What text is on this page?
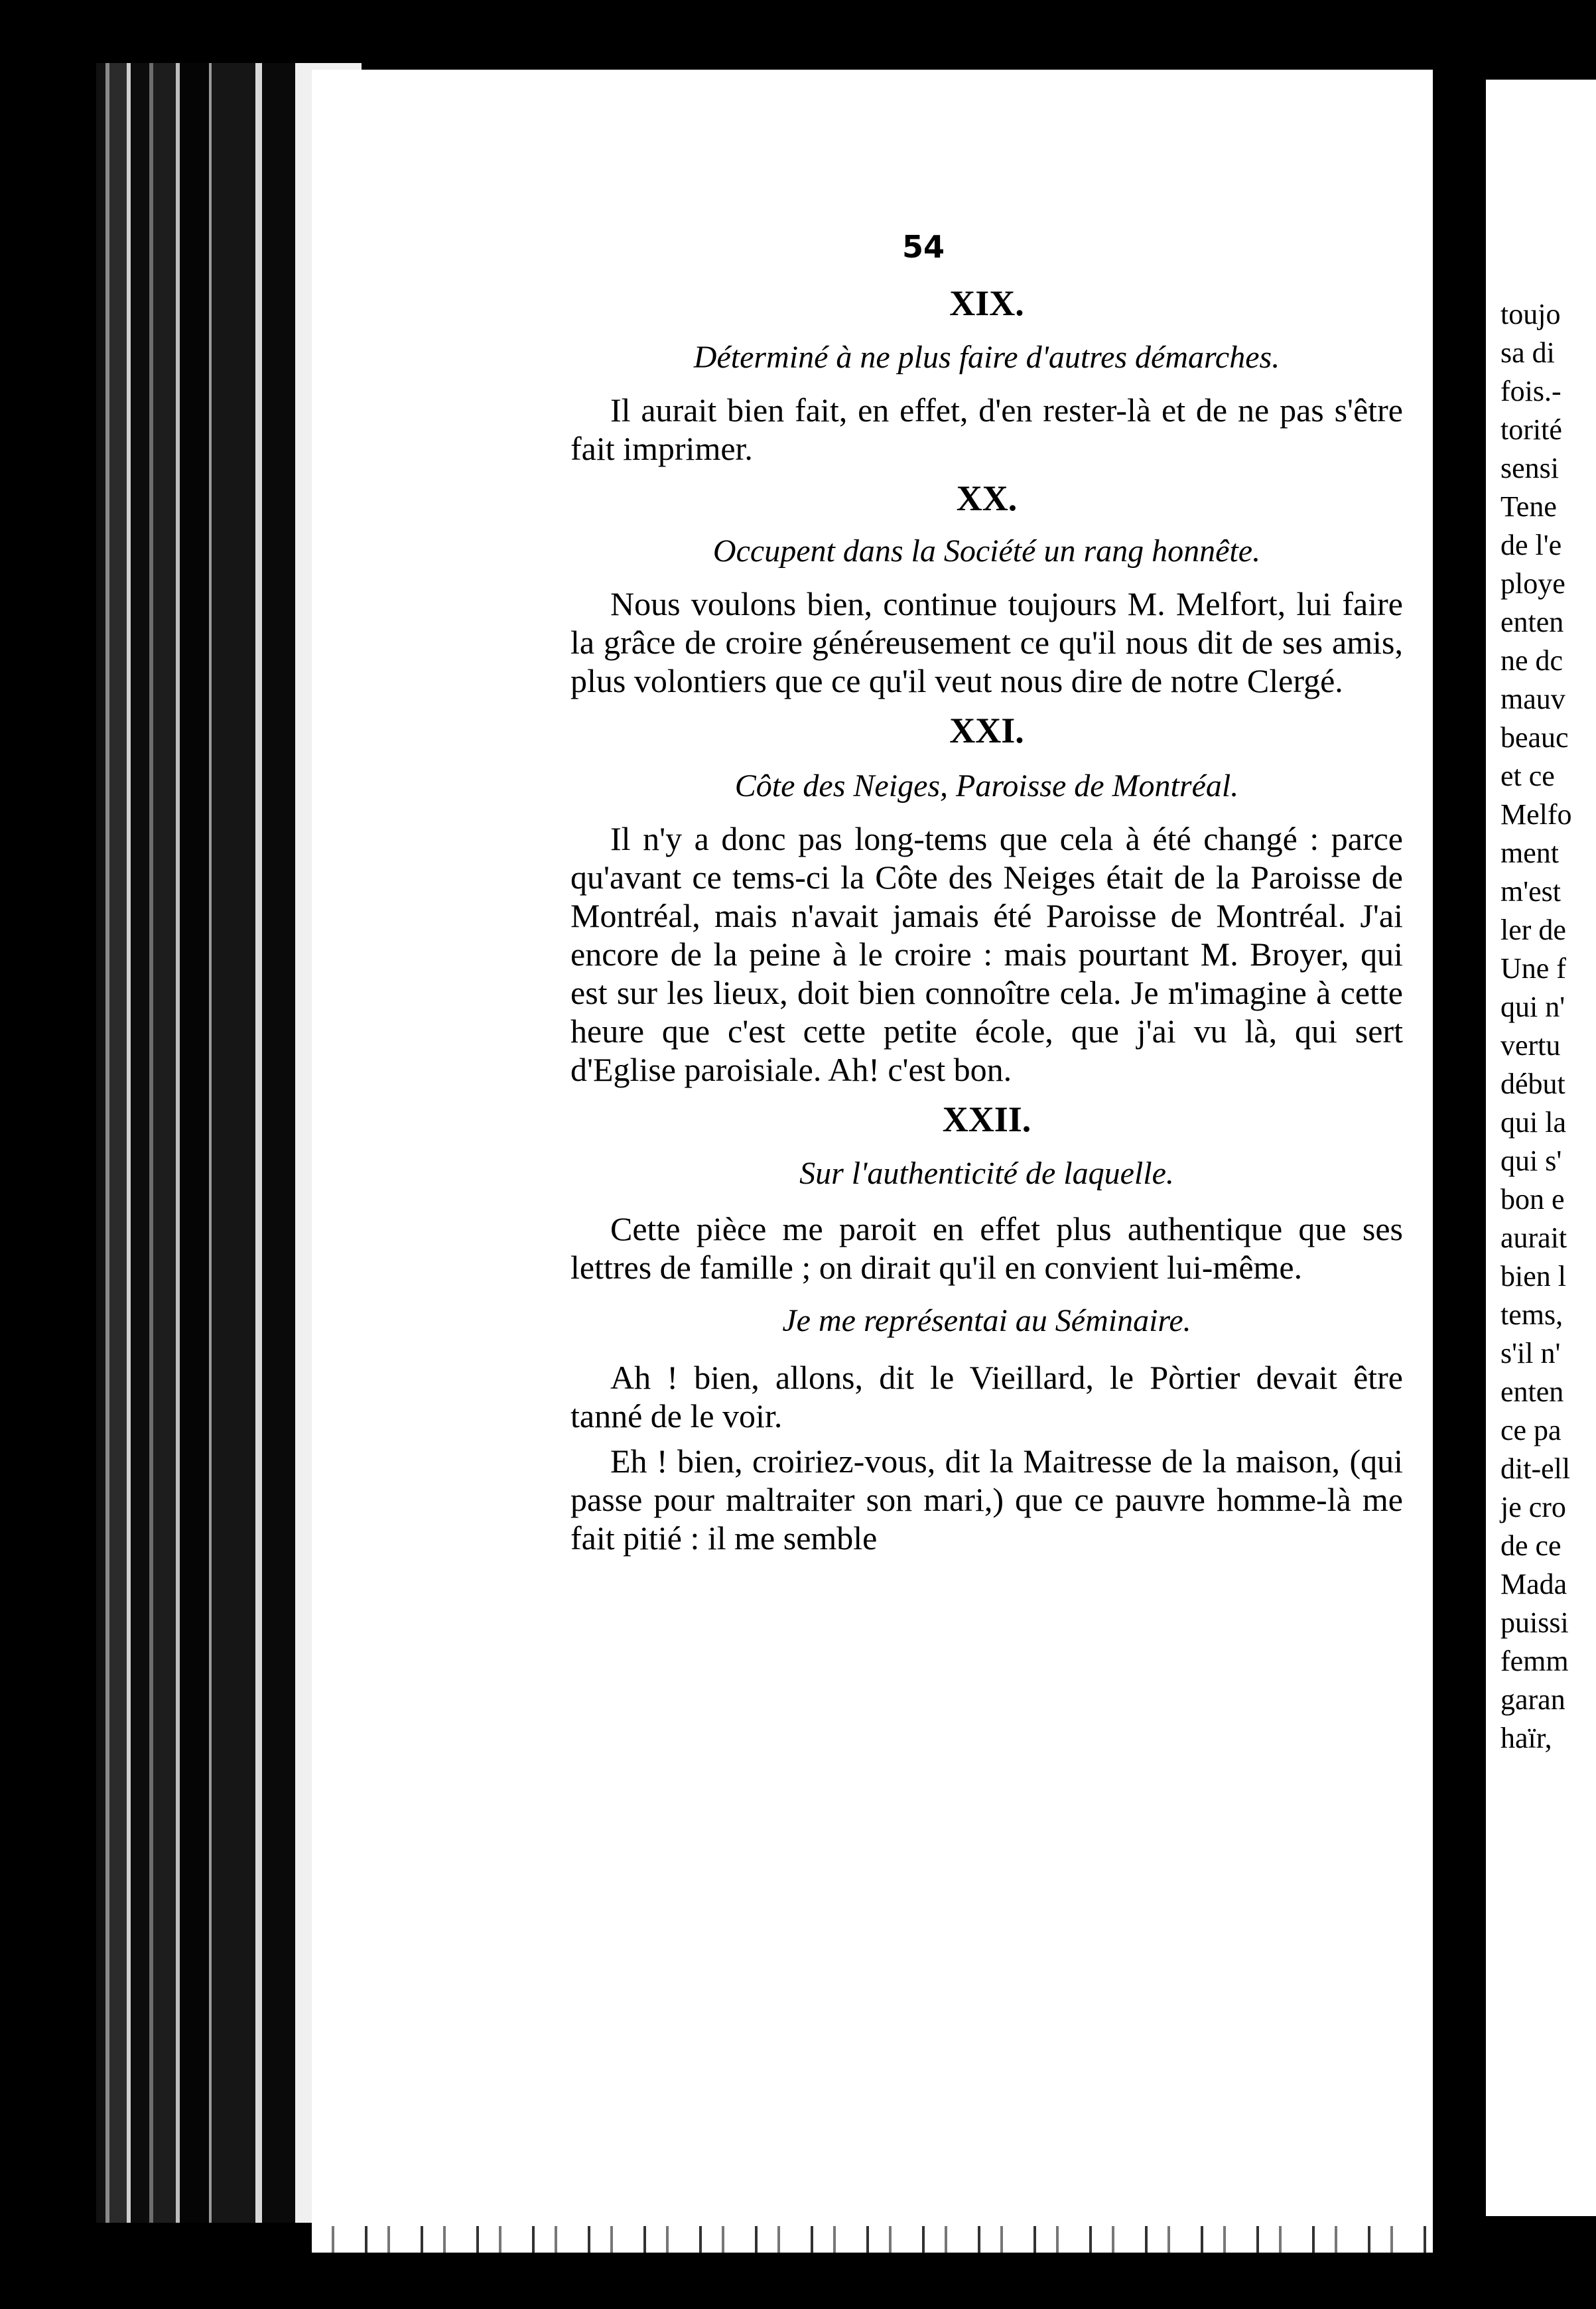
54

XIX.

Déterminé à ne plus faire d'autres démarches.

Il aurait bien fait, en effet, d'en rester-là et de ne pas s'être fait imprimer.

XX.

Occupent dans la Société un rang honnête.

Nous voulons bien, continue toujours M. Melfort, lui faire la grâce de croire généreusement ce qu'il nous dit de ses amis, plus volontiers que ce qu'il veut nous dire de notre Clergé.

XXI.

Côte des Neiges, Paroisse de Montréal.

Il n'y a donc pas long-tems que cela à été changé : parce qu'avant ce tems-ci la Côte des Neiges était de la Paroisse de Montréal, mais n'avait jamais été Paroisse de Montréal. J'ai encore de la peine à le croire : mais pourtant M. Broyer, qui est sur les lieux, doit bien connoître cela. Je m'imagine à cette heure que c'est cette petite école, que j'ai vu là, qui sert d'Eglise paroisiale. Ah! c'est bon.

XXII.

Sur l'authenticité de laquelle.

Cette pièce me paroit en effet plus authentique que ses lettres de famille ; on dirait qu'il en convient lui-même.

Je me représentai au Séminaire.

Ah ! bien, allons, dit le Vieillard, le Pòrtier devait être tanné de le voir.

Eh ! bien, croiriez-vous, dit la Maitresse de la maison, (qui passe pour maltraiter son mari,) que ce pauvre homme-là me fait pitié : il me semble

toujo
sa di
fois.-
torité
sensi
Tene
de l'e
ploye
enten
ne dc
mauv
beauc
et ce
Melfo
ment
m'est
ler de
Une f
qui n'
vertu
début
qui la
qui s'
bon e
aurait
bien l
tems,
s'il n'
enten
ce pa
dit-ell
je cro
de ce
Mada
puissi
femm
garan
haïr,
